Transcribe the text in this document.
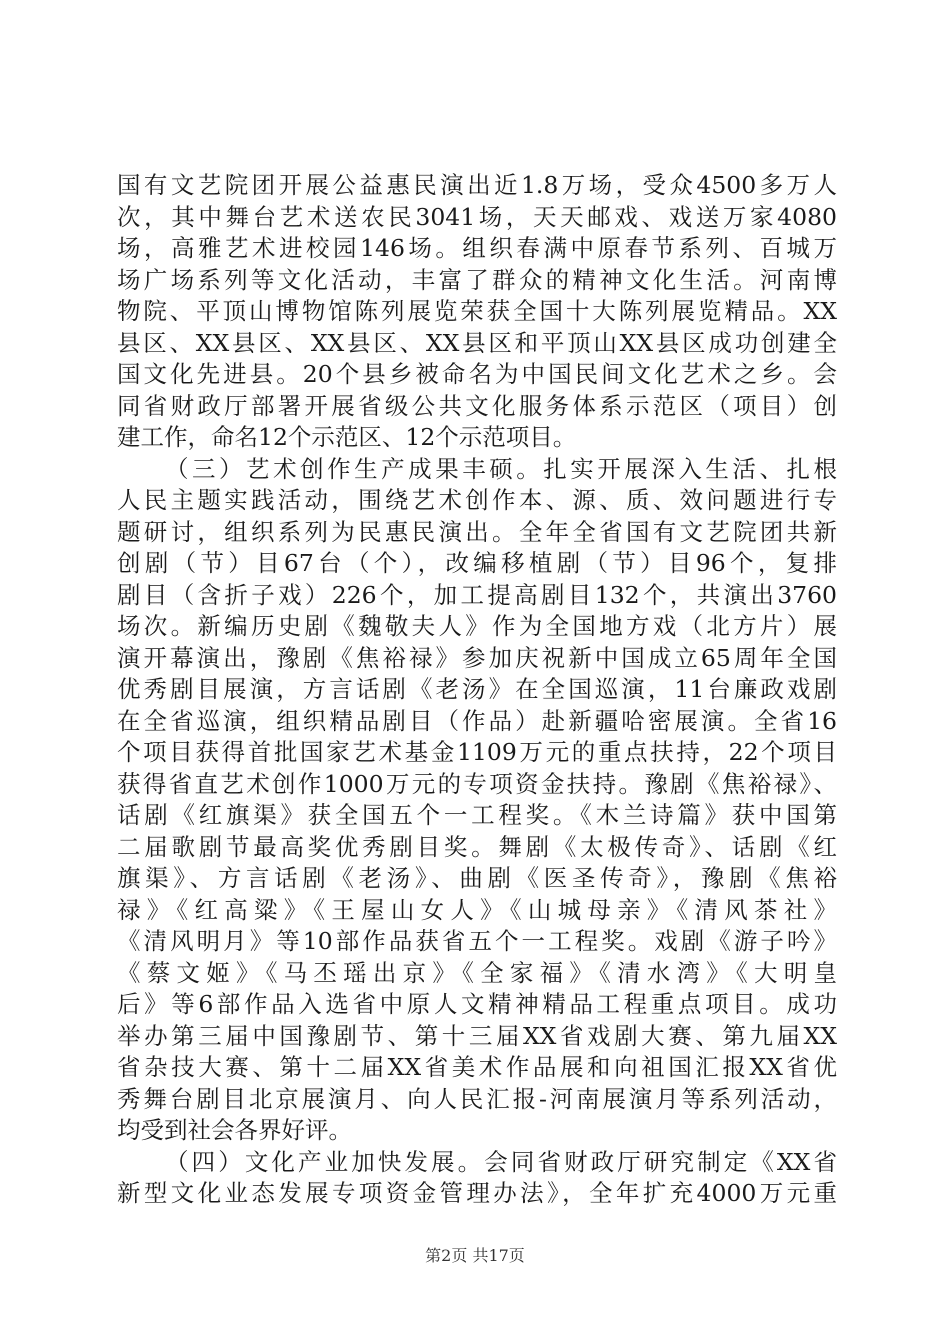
国有文艺院团开展公益惠民演出近1.8万场，受众4500多万人
次，其中舞台艺术送农民3041场，天天邮戏、戏送万家4080
场，高雅艺术进校园146场。组织春满中原春节系列、百城万
场广场系列等文化活动，丰富了群众的精神文化生活。河南博
物院、平顶山博物馆陈列展览荣获全国十大陈列展览精品。XX
县区、XX县区、XX县区、XX县区和平顶山XX县区成功创建全
国文化先进县。20个县乡被命名为中国民间文化艺术之乡。会
同省财政厅部署开展省级公共文化服务体系示范区（项目）创
建工作，命名12个示范区、12个示范项目。
（三）艺术创作生产成果丰硕。扎实开展深入生活、扎根
人民主题实践活动，围绕艺术创作本、源、质、效问题进行专
题研讨，组织系列为民惠民演出。全年全省国有文艺院团共新
创剧（节）目67台（个），改编移植剧（节）目96个，复排
剧目（含折子戏）226个，加工提高剧目132个，共演出3760
场次。新编历史剧《魏敬夫人》作为全国地方戏（北方片）展
演开幕演出，豫剧《焦裕禄》参加庆祝新中国成立65周年全国
优秀剧目展演，方言话剧《老汤》在全国巡演，11台廉政戏剧
在全省巡演，组织精品剧目（作品）赴新疆哈密展演。全省16
个项目获得首批国家艺术基金1109万元的重点扶持，22个项目
获得省直艺术创作1000万元的专项资金扶持。豫剧《焦裕禄》、
话剧《红旗渠》获全国五个一工程奖。《木兰诗篇》获中国第
二届歌剧节最高奖优秀剧目奖。舞剧《太极传奇》、话剧《红
旗渠》、方言话剧《老汤》、曲剧《医圣传奇》，豫剧《焦裕
禄》《红高粱》《王屋山女人》《山城母亲》《清风茶社》
《清风明月》等10部作品获省五个一工程奖。戏剧《游子吟》
《蔡文姬》《马丕瑶出京》《全家福》《清水湾》《大明皇
后》等6部作品入选省中原人文精神精品工程重点项目。成功
举办第三届中国豫剧节、第十三届XX省戏剧大赛、第九届XX
省杂技大赛、第十二届XX省美术作品展和向祖国汇报XX省优
秀舞台剧目北京展演月、向人民汇报-河南展演月等系列活动，
均受到社会各界好评。
（四）文化产业加快发展。会同省财政厅研究制定《XX省
新型文化业态发展专项资金管理办法》，全年扩充4000万元重
第2页 共17页
